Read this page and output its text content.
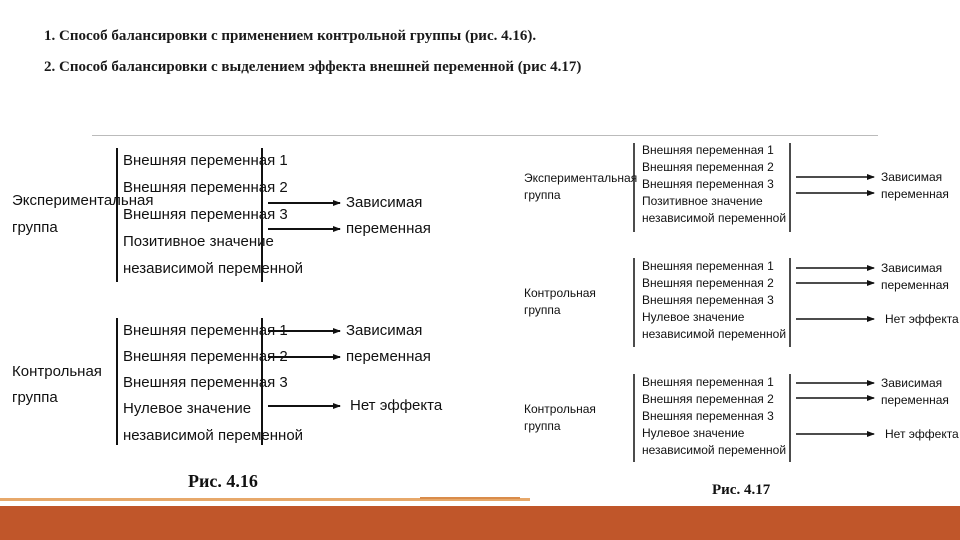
1. Способ балансировки с применением контрольной группы (рис. 4.16).
2. Способ балансировки с выделением эффекта внешней переменной (рис 4.17)
Экспериментальная
группа
Внешняя переменная 1
Внешняя переменная 2
Внешняя переменная 3
Позитивное значение
независимой переменной
Зависимая
переменная
Контрольная
группа
Внешняя переменная 1
Внешняя переменная 2
Внешняя переменная 3
Нулевое значение
независимой переменной
Зависимая
переменная
Нет эффекта
Рис. 4.16
Экспериментальная
группа
Внешняя переменная 1
Внешняя переменная 2
Внешняя переменная 3
Позитивное значение
независимой переменной
Зависимая
переменная
Контрольная
группа
Внешняя переменная 1
Внешняя переменная 2
Внешняя переменная 3
Нулевое значение
независимой переменной
Зависимая
переменная
Нет эффекта
Контрольная
группа
Внешняя переменная 1
Внешняя переменная 2
Внешняя переменная 3
Нулевое значение
независимой переменной
Зависимая
переменная
Нет эффекта
Рис. 4.17
